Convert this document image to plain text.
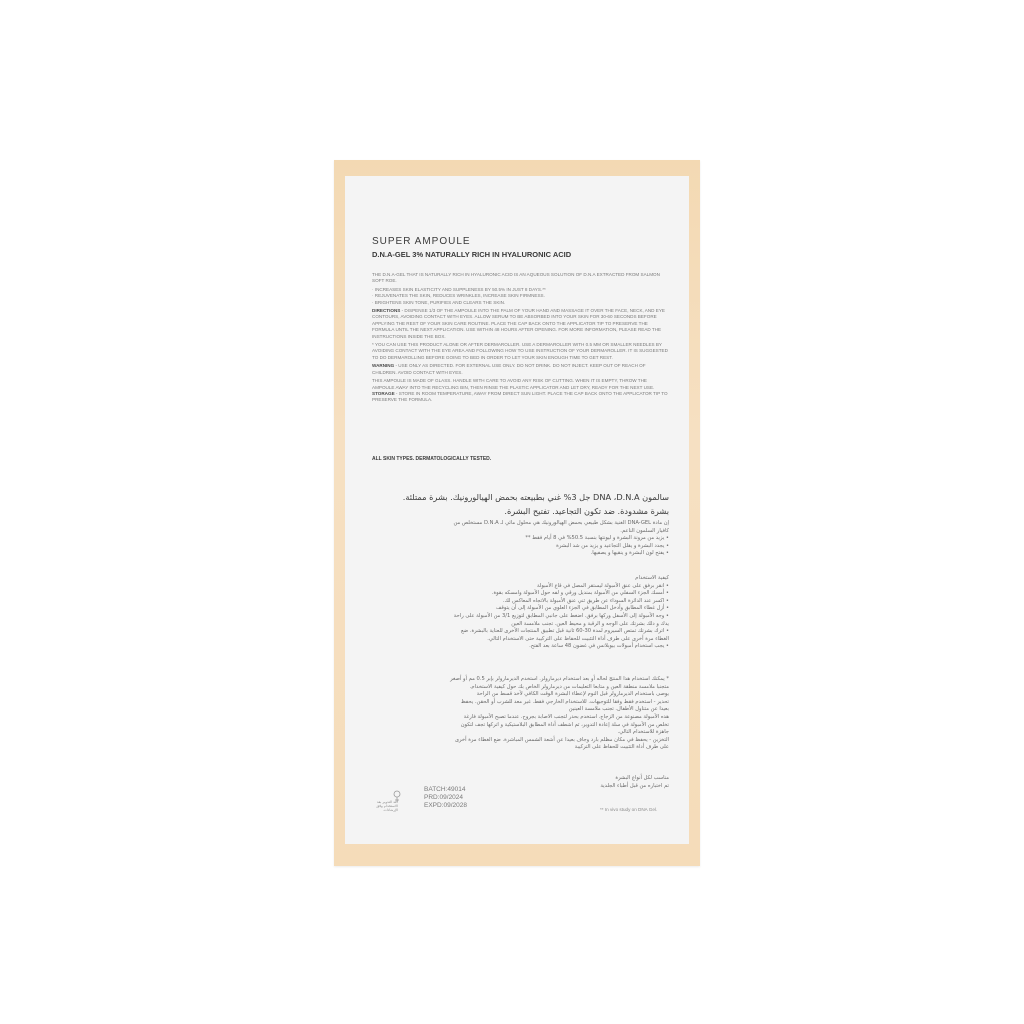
SUPER AMPOULE
D.N.A-GEL 3% NATURALLY RICH IN HYALURONIC ACID

THE D.N.A-GEL THAT IS NATURALLY RICH IN HYALURONIC ACID IS AN AQUEOUS SOLUTION OF D.N.A EXTRACTED FROM SALMON SOFT ROE.

· INCREASES SKIN ELASTICITY AND SUPPLENESS BY 50.5% IN JUST 8 DAYS.**

· REJUVENATES THE SKIN, REDUCES WRINKLES, INCREASE SKIN FIRMNESS.

· BRIGHTENS SKIN TONE, PURIFIES AND CLEARS THE SKIN.

DIRECTIONS - DISPENSE 1/3 OF THE AMPOULE INTO THE PALM OF YOUR HAND AND MASSAGE IT OVER THE FACE, NECK, AND EYE CONTOURS, AVOIDING CONTACT WITH EYES. ALLOW SERUM TO BE ABSORBED INTO YOUR SKIN FOR 30-60 SECONDS BEFORE APPLYING THE REST OF YOUR SKIN CARE ROUTINE. PLACE THE CAP BACK ONTO THE APPLICATOR TIP TO PRESERVE THE FORMULA UNTIL THE NEXT APPLICATION. USE WITHIN 48 HOURS AFTER OPENING. FOR MORE INFORMATION, PLEASE READ THE INSTRUCTIONS INSIDE THE BOX.

* YOU CAN USE THIS PRODUCT ALONE OR AFTER DERMAROLLER. USE A DERMAROLLER WITH 0.5 MM OR SMALLER NEEDLES BY AVOIDING CONTACT WITH THE EYE AREA AND FOLLOWING HOW TO USE INSTRUCTION OF YOUR DERMAROLLER. IT IS SUGGESTED TO DO DERMAROLLING BEFORE GOING TO BED IN ORDER TO LET YOUR SKIN ENOUGH TIME TO GET REST.

WARNING - USE ONLY AS DIRECTED. FOR EXTERNAL USE ONLY. DO NOT DRINK. DO NOT INJECT. KEEP OUT OF REACH OF CHILDREN. AVOID CONTACT WITH EYES.

THIS AMPOULE IS MADE OF GLASS. HANDLE WITH CARE TO AVOID ANY RISK OF CUTTING. WHEN IT IS EMPTY, THROW THE AMPOULE AWAY INTO THE RECYCLING BIN, THEN RINSE THE PLASTIC APPLICATOR AND LET DRY, READY FOR THE NEXT USE.

STORAGE - STORE IN ROOM TEMPERATURE, AWAY FROM DIRECT SUN LIGHT. PLACE THE CAP BACK ONTO THE APPLICATOR TIP TO PRESERVE THE FORMULA.

ALL SKIN TYPES. DERMATOLOGICALLY TESTED.

سالمون DNA ،D.N.A جل 3% غني بطبيعته بحمض الهيالورونيك. بشرة ممتلئة.

بشرة مشدودة. ضد تكون التجاعيد. تفتيح البشرة.

إن مادة DNA-GEL الغنية بشكل طبيعي بحمض الهيالورونيك هي محلول مائي لـ D.N.A مستخلص من

كافيار السلمون الناعم.

• يزيد من مرونة البشرة و ليونتها بنسبة 50.5% في 8 أيام فقط **

• يجدد البشرة و يقلل التجاعيد و يزيد من شد البشرة

• يفتح لون البشرة و ينقيها و يصفيها.

كيفية الاستخدام

• انقر برفق على عنق الأمبولة ليستقر المصل في قاع الأمبولة

• أمسك الجزء السفلي من الأمبولة بمنديل ورقي و لفه حول الأمبولة وامسكه بقوة.

• اكسر عند الدائرة السوداء عن طريق ثني عنق الأمبولة بالاتجاه المعاكس لك.

• أزل غطاء المطابق وأدخل المطابق في الجزء العلوي من الأمبولة إلى أن يتوقف

• وجه الأمبولة إلى الأسفل وركها برفق. اضغط على جانبي المطابق لتوزيع 3/1 من الأمبولة على راحة

يدك و دلك بشرتك على الوجه و الرقبة و محيط العين. تجنب ملامسة العين

• اترك بشرتك تمتص السيروم لمدة 30-60 ثانية قبل تطبيق المنتجات الأخرى للعناية بالبشرة. ضع

الغطاء مرة أخرى على طرف أداة التثبيت للحفاظ على التركيبة حتى الاستخدام التالي.

• يجب استخدام أمبولات بيوبلانس في غضون 48 ساعة بعد الفتح.

* يمكنك استخدام هذا المنتج لحاله أو بعد استخدام ديرمارولر. استخدم الديرمارولر بإبر 0.5 مم أو أصغر

متجنبا ملامسة منطقة العين و متابعا التعليمات من ديرمارولر الخاص بك حول كيفية الاستخدام.

يوصى باستخدام الديرمارولر قبل النوم لإعطاء البشرة الوقت الكافي لأخذ قسط من الراحة

تحذير - استخدم فقط وفقا للتوجيهات. للاستخدام الخارجي فقط. غير معد للشرب أو الحقن. يحفظ

بعيدا عن متناول الأطفال. تجنب ملامسة العينين

هذه الأمبولة مصنوعة من الزجاج. استخدم بحذر لتجنب الاصابة بجروح. عندما تصبح الأمبولة فارغة

تخلص من الأمبولة في سلة إعادة التدوير، ثم اشطف أداة المطابق البلاستيكية و اتركها تجف لتكون

جاهزة للاستخدام التالي.

التخزين - يحفظ في مكان مظلم بارد وجاف بعيدا عن أشعة الشمس المباشرة. ضع الغطاء مرة أخرى

على طرف أداة التثبيت للحفاظ على التركيبة

مناسب لكل أنواع البشرة

تم اختباره من قبل أطباء الجلدية

أعد التدوير بعد
الاستخدام وفق
الإرشادات
BATCH:49014
PRD:09/2024
EXPD:09/2028
** In vivo study on DNA Gel.
